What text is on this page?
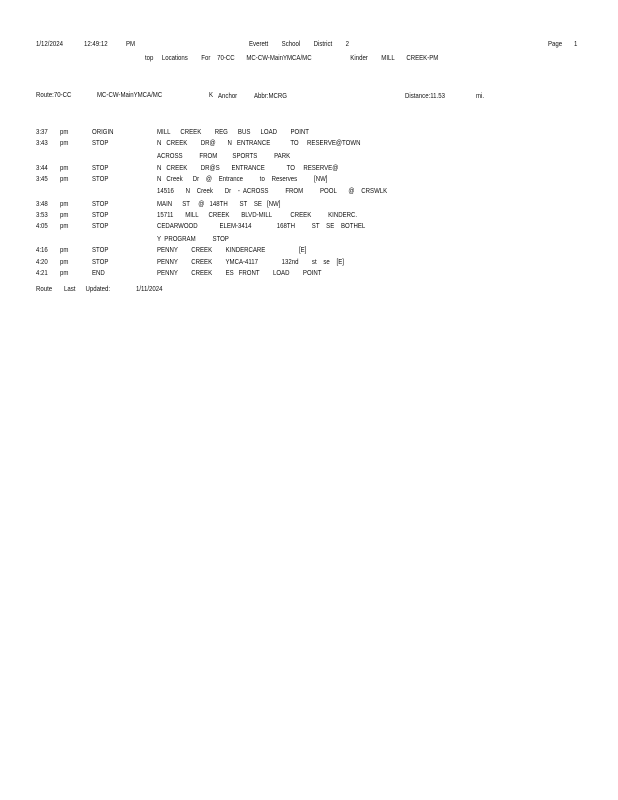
1/12/2024	12:49:12 PM	Everett        School        District        2	Page 1
top     Locations        For    70-CC       MC-CW-MainYMCA/MC                       Kinder        MILL       CREEK-PM
Route:70-CC	MC-CW-MainYMCA/MC	K Anchor Abbr:MCRG	Distance:11.53	mi.
3:37 pm	ORIGIN	MILL      CREEK        REG      BUS      LOAD        POINT
3:43 pm	STOP	N   CREEK        DR@       N   ENTRANCE            TO     RESERVE@TOWN
ACROSS          FROM         SPORTS          PARK
3:44 pm	STOP	N   CREEK        DR@S       ENTRANCE             TO     RESERVE@
3:45 pm	STOP	N   Creek      Dr    @    Entrance          to    Reserves          [NW]
14516       N    Creek       Dr    -  ACROSS          FROM          POOL       @    CRSWLK
3:48 pm	STOP	MAIN      ST     @   148TH       ST    SE   [NW]
3:53 pm	STOP	15711       MILL      CREEK       BLVD-MILL           CREEK          KINDERC.
4:05 pm	STOP	CEDARWOOD             ELEM-3414               168TH          ST    SE    BOTHEL
Y  PROGRAM          STOP
4:16 pm	STOP	PENNY        CREEK        KINDERCARE                    [E]
4:20 pm	STOP	PENNY        CREEK        YMCA-4117              132nd        st    se    [E]
4:21 pm	END	PENNY        CREEK        ES   FRONT        LOAD        POINT
Route       Last      Updated:	1/11/2024
